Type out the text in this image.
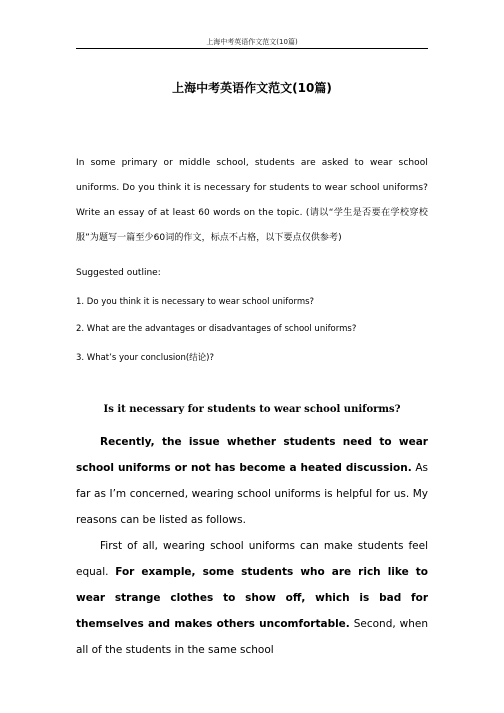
上海中考英语作文范文(10篇)
上海中考英语作文范文(10篇)

In some primary or middle school, students are asked to wear school uniforms. Do you think it is necessary for students to wear school uniforms? Write an essay of at least 60 words on the topic. (请以“学生是否要在学校穿校服”为题写一篇至少60词的作文，标点不占格，以下要点仅供参考)

Suggested outline:

1. Do you think it is necessary to wear school uniforms?

2. What are the advantages or disadvantages of school uniforms?

3. What’s your conclusion(结论)?

Is it necessary for students to wear school uniforms?

Recently, the issue whether students need to wear school uniforms or not has become a heated discussion. As far as I’m concerned, wearing school uniforms is helpful for us. My reasons can be listed as follows.

First of all, wearing school uniforms can make students feel equal. For example, some students who are rich like to wear strange clothes to show off, which is bad for themselves and makes others uncomfortable. Second, when all of the students in the same school
